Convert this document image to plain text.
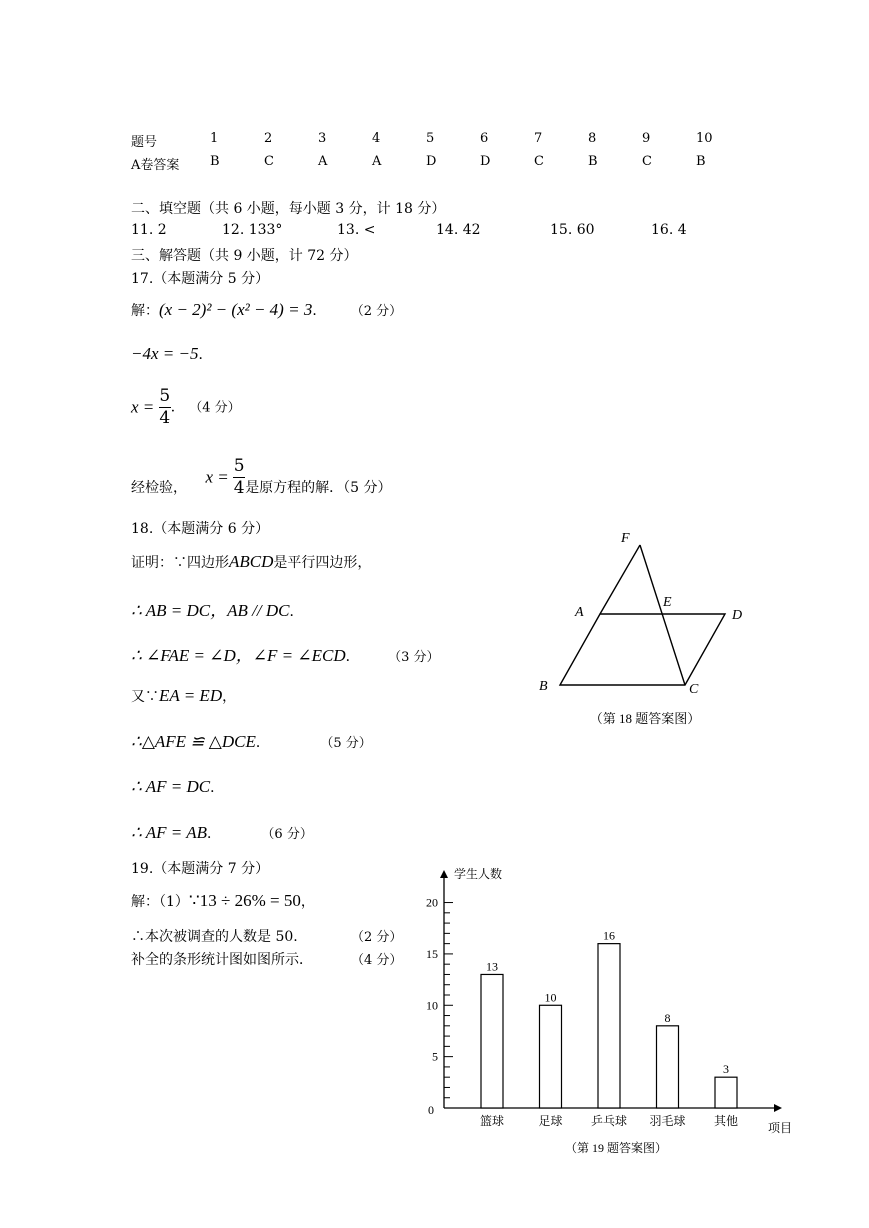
题号	1	2	3	4	5	6	7	8	9	10
A卷答案 B	C	A	A	D	D	C	B	C	B
二、填空题（共 6 小题，每小题 3 分，计 18 分）
11. 2	12. 133°	13. <	14. 42	15. 60	16. 4
三、解答题（共 9 小题，计 72 分）
17.（本题满分 5 分）
解：(x − 2)² − (x² − 4) = 3． （2 分）
−4x = −5．
$x = \frac{5}{4}$ ． （4 分）
经检验， $x = \frac{5}{4}$ 是原方程的解．（5 分）
18.（本题满分 6 分）
证明：∵四边形ABCD是平行四边形，
∴ AB = DC，AB // DC．
∴ ∠FAE = ∠D，∠F = ∠ECD． （3 分）
又∵EA = ED，
∴△AFE ≌ △DCE．	（5 分）
∴ AF = DC．
∴ AF = AB．	（6 分）
F
A
E
D
B	C
（第 18 题答案图）
19.（本题满分 7 分）
解：（1）∵13 ÷ 26% = 50，
∴本次被调查的人数是 50.	（2 分）
补全的条形统计图如图所示．	（4 分）
0
5
10
15
20
学生人数
项目
13
篮球
10
足球
16
乒乓球
8
羽毛球
3
其他
（第 19 题答案图）
